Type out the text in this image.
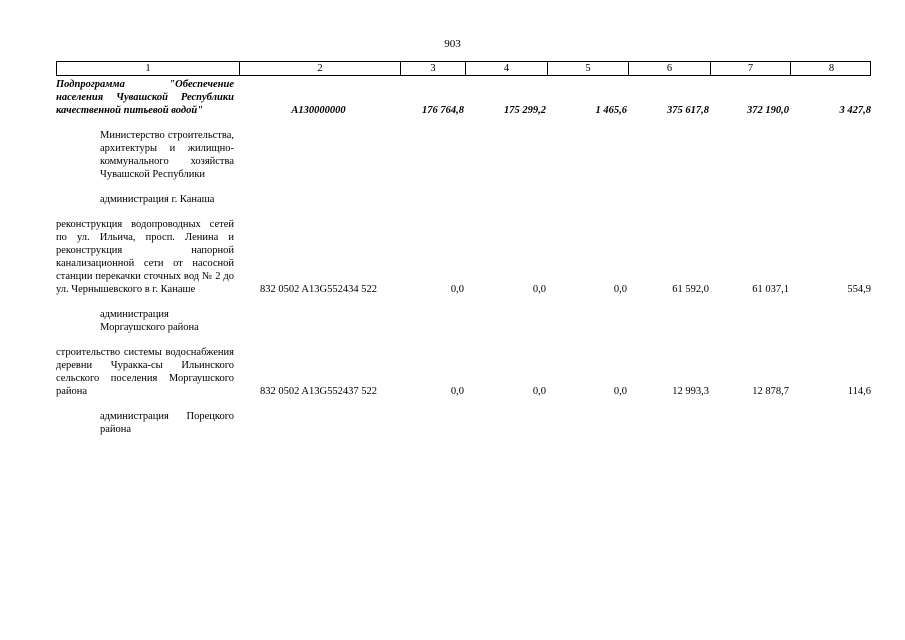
903
1	2	3	4	5	6	7	8
Подпрограмма "Обеспечение населения Чувашской Республики качественной питьевой водой"	A130000000	176 764,8	175 299,2	1 465,6	375 617,8	372 190,0	3 427,8
Министерство строительства, архитектуры и жилищно-коммунального хозяйства Чувашской Республики
администрация г. Канаша
реконструкция водопроводных сетей по ул. Ильича, просп. Ленина и реконструкция напорной канализационной сети от насосной станции перекачки сточных вод № 2 до ул. Чернышевского в г. Канаше	832 0502 A13G552434 522	0,0	0,0	0,0	61 592,0	61 037,1	554,9
администрация Моргаушского района
строительство системы водоснабжения деревни Чуракка-сы Ильинского сельского поселения Моргаушского района	832 0502 A13G552437 522	0,0	0,0	0,0	12 993,3	12 878,7	114,6
администрация Порецкого района
